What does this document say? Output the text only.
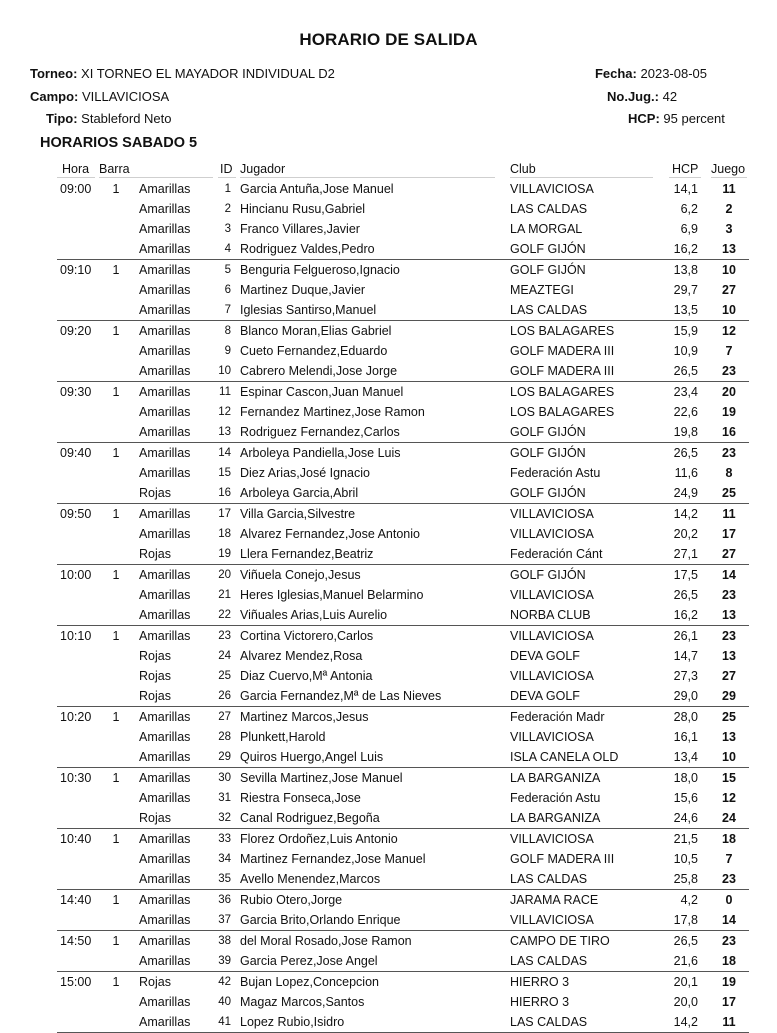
HORARIO DE SALIDA
Torneo: XI TORNEO EL MAYADOR INDIVIDUAL D2
Campo: VILLAVICIOSA
Tipo: Stableford Neto
Fecha: 2023-08-05
No.Jug.: 42
HCP: 95 percent
HORARIOS SABADO 5
Hora Barra	ID Jugador	Club	HCP Juego
09:00 1 Amarillas	1 Garcia Antuña,Jose Manuel	VILLAVICIOSA	14,1	11
Amarillas	2 Hincianu Rusu,Gabriel	LAS CALDAS	6,2	2
Amarillas	3 Franco Villares,Javier	LA MORGAL	6,9	3
Amarillas	4 Rodriguez Valdes,Pedro	GOLF GIJÓN	16,2	13
09:10 1 Amarillas	5 Benguria Felgueroso,Ignacio	GOLF GIJÓN	13,8	10
Amarillas	6 Martinez Duque,Javier	MEAZTEGI	29,7	27
Amarillas	7 Iglesias Santirso,Manuel	LAS CALDAS	13,5	10
09:20 1 Amarillas	8 Blanco Moran,Elias Gabriel	LOS BALAGARES	15,9	12
Amarillas	9 Cueto Fernandez,Eduardo	GOLF MADERA III	10,9	7
Amarillas	10 Cabrero Melendi,Jose Jorge	GOLF MADERA III	26,5	23
09:30 1 Amarillas	11 Espinar Cascon,Juan Manuel	LOS BALAGARES	23,4	20
Amarillas	12 Fernandez Martinez,Jose Ramon	LOS BALAGARES	22,6	19
Amarillas	13 Rodriguez Fernandez,Carlos	GOLF GIJÓN	19,8	16
09:40 1 Amarillas	14 Arboleya Pandiella,Jose Luis	GOLF GIJÓN	26,5	23
Amarillas	15 Diez Arias,José Ignacio	Federación Astu	11,6	8
Rojas	16 Arboleya Garcia,Abril	GOLF GIJÓN	24,9	25
09:50 1 Amarillas	17 Villa Garcia,Silvestre	VILLAVICIOSA	14,2	11
Amarillas	18 Alvarez Fernandez,Jose Antonio	VILLAVICIOSA	20,2	17
Rojas	19 Llera Fernandez,Beatriz	Federación Cánt	27,1	27
10:00 1 Amarillas	20 Viñuela Conejo,Jesus	GOLF GIJÓN	17,5	14
Amarillas	21 Heres Iglesias,Manuel Belarmino	VILLAVICIOSA	26,5	23
Amarillas	22 Viñuales Arias,Luis Aurelio	NORBA CLUB	16,2	13
10:10 1 Amarillas	23 Cortina Victorero,Carlos	VILLAVICIOSA	26,1	23
Rojas	24 Alvarez Mendez,Rosa	DEVA GOLF	14,7	13
Rojas	25 Diaz Cuervo,Mª Antonia	VILLAVICIOSA	27,3	27
Rojas	26 Garcia Fernandez,Mª de Las Nieves	DEVA GOLF	29,0	29
10:20 1 Amarillas	27 Martinez Marcos,Jesus	Federación Madr	28,0	25
Amarillas	28 Plunkett,Harold	VILLAVICIOSA	16,1	13
Amarillas	29 Quiros Huergo,Angel Luis	ISLA CANELA OLD	13,4	10
10:30 1 Amarillas	30 Sevilla Martinez,Jose Manuel	LA BARGANIZA	18,0	15
Amarillas	31 Riestra Fonseca,Jose	Federación Astu	15,6	12
Rojas	32 Canal Rodriguez,Begoña	LA BARGANIZA	24,6	24
10:40 1 Amarillas	33 Florez Ordoñez,Luis Antonio	VILLAVICIOSA	21,5	18
Amarillas	34 Martinez Fernandez,Jose Manuel	GOLF MADERA III	10,5	7
Amarillas	35 Avello Menendez,Marcos	LAS CALDAS	25,8	23
14:40 1 Amarillas	36 Rubio Otero,Jorge	JARAMA RACE	4,2	0
Amarillas	37 Garcia Brito,Orlando Enrique	VILLAVICIOSA	17,8	14
14:50 1 Amarillas	38 del Moral Rosado,Jose Ramon	CAMPO DE TIRO	26,5	23
Amarillas	39 Garcia Perez,Jose Angel	LAS CALDAS	21,6	18
15:00 1 Rojas	42 Bujan Lopez,Concepcion	HIERRO 3	20,1	19
Amarillas	40 Magaz Marcos,Santos	HIERRO 3	20,0	17
Amarillas	41 Lopez Rubio,Isidro	LAS CALDAS	14,2	11
